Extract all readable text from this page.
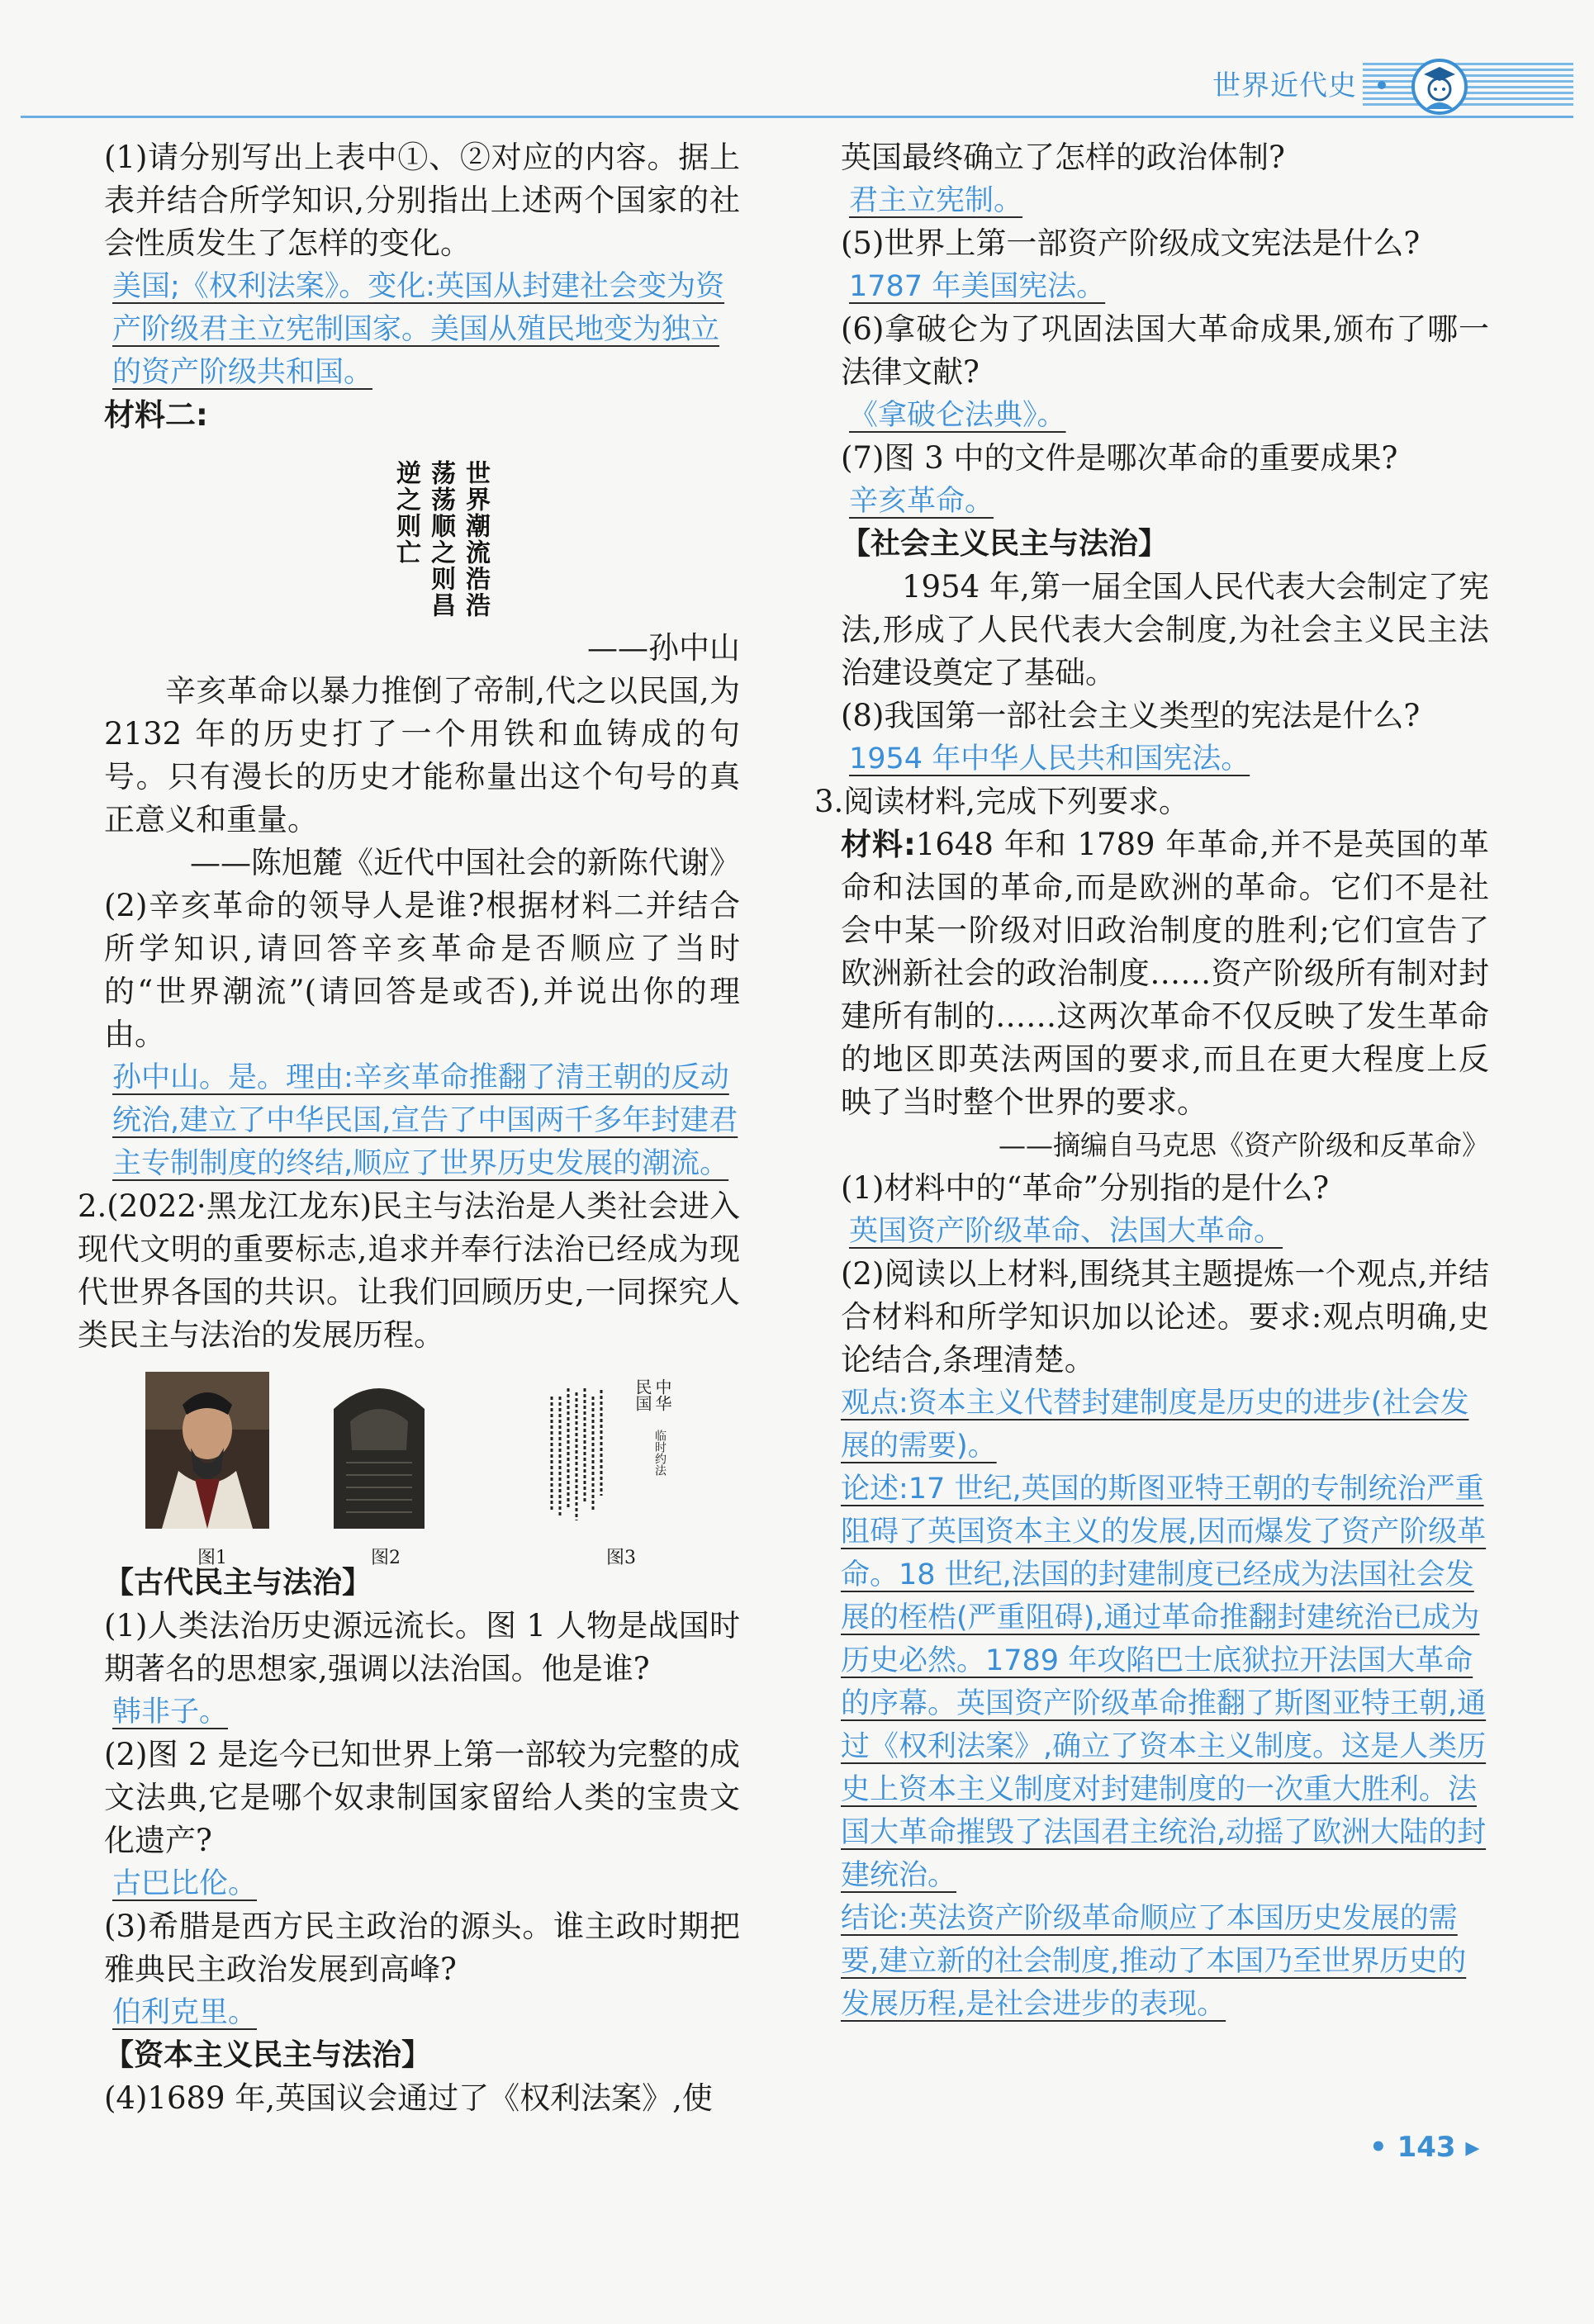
世界近代史

(1)请分别写出上表中①、②对应的内容。据上表并结合所学知识,分别指出上述两个国家的社会性质发生了怎样的变化。

美国;《权利法案》。变化:英国从封建社会变为资产阶级君主立宪制国家。美国从殖民地变为独立的资产阶级共和国。

材料二:

世界潮流浩浩
荡荡顺之则昌
逆之则亡

——孙中山

辛亥革命以暴力推倒了帝制,代之以民国,为 2132 年的历史打了一个用铁和血铸成的句号。只有漫长的历史才能称量出这个句号的真正意义和重量。

——陈旭麓《近代中国社会的新陈代谢》

(2)辛亥革命的领导人是谁?根据材料二并结合所学知识,请回答辛亥革命是否顺应了当时的“世界潮流”(请回答是或否),并说出你的理由。

孙中山。是。理由:辛亥革命推翻了清王朝的反动统治,建立了中华民国,宣告了中国两千多年封建君主专制制度的终结,顺应了世界历史发展的潮流。

2.(2022·黑龙江龙东)民主与法治是人类社会进入现代文明的重要标志,追求并奉行法治已经成为现代世界各国的共识。让我们回顾历史,一同探究人类民主与法治的发展历程。

中华
民国
临时约法
图1	图2	图3

【古代民主与法治】

(1)人类法治历史源远流长。图 1 人物是战国时期著名的思想家,强调以法治国。他是谁?

韩非子。

(2)图 2 是迄今已知世界上第一部较为完整的成文法典,它是哪个奴隶制国家留给人类的宝贵文化遗产?

古巴比伦。

(3)希腊是西方民主政治的源头。谁主政时期把雅典民主政治发展到高峰?

伯利克里。

【资本主义民主与法治】

(4)1689 年,英国议会通过了《权利法案》,使

英国最终确立了怎样的政治体制?

君主立宪制。

(5)世界上第一部资产阶级成文宪法是什么?

1787 年美国宪法。

(6)拿破仑为了巩固法国大革命成果,颁布了哪一法律文献?

《拿破仑法典》。

(7)图 3 中的文件是哪次革命的重要成果?

辛亥革命。

【社会主义民主与法治】

1954 年,第一届全国人民代表大会制定了宪法,形成了人民代表大会制度,为社会主义民主法治建设奠定了基础。

(8)我国第一部社会主义类型的宪法是什么?

1954 年中华人民共和国宪法。

3.阅读材料,完成下列要求。

材料:1648 年和 1789 年革命,并不是英国的革命和法国的革命,而是欧洲的革命。它们不是社会中某一阶级对旧政治制度的胜利;它们宣告了欧洲新社会的政治制度……资产阶级所有制对封建所有制的……这两次革命不仅反映了发生革命的地区即英法两国的要求,而且在更大程度上反映了当时整个世界的要求。

——摘编自马克思《资产阶级和反革命》

(1)材料中的“革命”分别指的是什么?

英国资产阶级革命、法国大革命。

(2)阅读以上材料,围绕其主题提炼一个观点,并结合材料和所学知识加以论述。要求:观点明确,史论结合,条理清楚。

观点:资本主义代替封建制度是历史的进步(社会发展的需要)。

论述:17 世纪,英国的斯图亚特王朝的专制统治严重阻碍了英国资本主义的发展,因而爆发了资产阶级革命。18 世纪,法国的封建制度已经成为法国社会发展的桎梏(严重阻碍),通过革命推翻封建统治已成为历史必然。1789 年攻陷巴士底狱拉开法国大革命的序幕。英国资产阶级革命推翻了斯图亚特王朝,通过《权利法案》,确立了资本主义制度。这是人类历史上资本主义制度对封建制度的一次重大胜利。法国大革命摧毁了法国君主统治,动摇了欧洲大陆的封建统治。

结论:英法资产阶级革命顺应了本国历史发展的需要,建立新的社会制度,推动了本国乃至世界历史的发展历程,是社会进步的表现。

• 143 ▸
